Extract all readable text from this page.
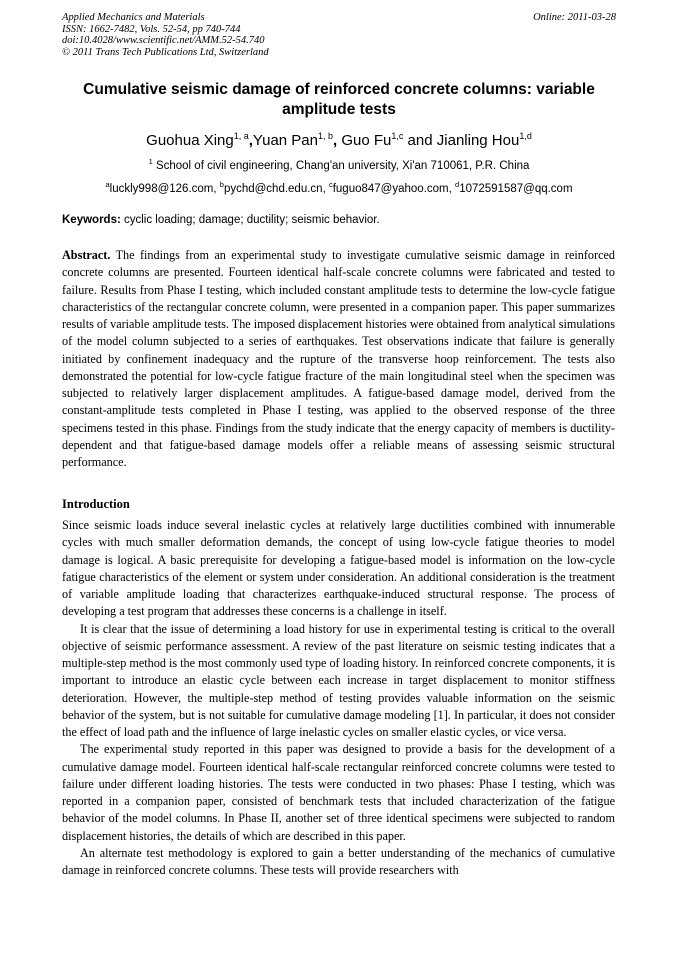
Applied Mechanics and Materials
ISSN: 1662-7482, Vols. 52-54, pp 740-744
doi:10.4028/www.scientific.net/AMM.52-54.740
© 2011 Trans Tech Publications Ltd, Switzerland
Online: 2011-03-28
Cumulative seismic damage of reinforced concrete columns: variable amplitude tests
Guohua Xing$^{1, a}$,Yuan Pan$^{1, b}$, Guo Fu$^{1,c}$ and Jianling Hou$^{1,d}$
$^1$ School of civil engineering, Chang'an university, Xi'an 710061, P.R. China
$^a$luckly998@126.com, $^b$pychd@chd.edu.cn, $^c$fuguo847@yahoo.com, $^d$1072591587@qq.com
Keywords: cyclic loading; damage; ductility; seismic behavior.
Abstract. The findings from an experimental study to investigate cumulative seismic damage in reinforced concrete columns are presented. Fourteen identical half-scale concrete columns were fabricated and tested to failure. Results from Phase I testing, which included constant amplitude tests to determine the low-cycle fatigue characteristics of the rectangular concrete column, were presented in a companion paper. This paper summarizes results of variable amplitude tests. The imposed displacement histories were obtained from analytical simulations of the model column subjected to a series of earthquakes. Test observations indicate that failure is generally initiated by confinement inadequacy and the rupture of the transverse hoop reinforcement. The tests also demonstrated the potential for low-cycle fatigue fracture of the main longitudinal steel when the specimen was subjected to relatively larger displacement amplitudes. A fatigue-based damage model, derived from the constant-amplitude tests completed in Phase I testing, was applied to the observed response of the three specimens tested in this phase. Findings from the study indicate that the energy capacity of members is ductility-dependent and that fatigue-based damage models offer a reliable means of assessing seismic structural performance.
Introduction

Since seismic loads induce several inelastic cycles at relatively large ductilities combined with innumerable cycles with much smaller deformation demands, the concept of using low-cycle fatigue theories to model damage is logical. A basic prerequisite for developing a fatigue-based model is information on the low-cycle fatigue characteristics of the element or system under consideration. An additional consideration is the treatment of variable amplitude loading that characterizes earthquake-induced structural response. The process of developing a test program that addresses these concerns is a challenge in itself.

It is clear that the issue of determining a load history for use in experimental testing is critical to the overall objective of seismic performance assessment. A review of the past literature on seismic testing indicates that a multiple-step method is the most commonly used type of loading history. In reinforced concrete components, it is important to introduce an elastic cycle between each increase in target displacement to monitor stiffness deterioration. However, the multiple-step method of testing provides valuable information on the seismic behavior of the system, but is not suitable for cumulative damage modeling [1]. In particular, it does not consider the effect of load path and the influence of large inelastic cycles on smaller elastic cycles, or vice versa.

The experimental study reported in this paper was designed to provide a basis for the development of a cumulative damage model. Fourteen identical half-scale rectangular reinforced concrete columns were tested to failure under different loading histories. The tests were conducted in two phases: Phase I testing, which was reported in a companion paper, consisted of benchmark tests that included characterization of the fatigue behavior of the model columns. In Phase II, another set of three identical specimens were subjected to random displacement histories, the details of which are described in this paper.

An alternate test methodology is explored to gain a better understanding of the mechanics of cumulative damage in reinforced concrete columns. These tests will provide researchers with
